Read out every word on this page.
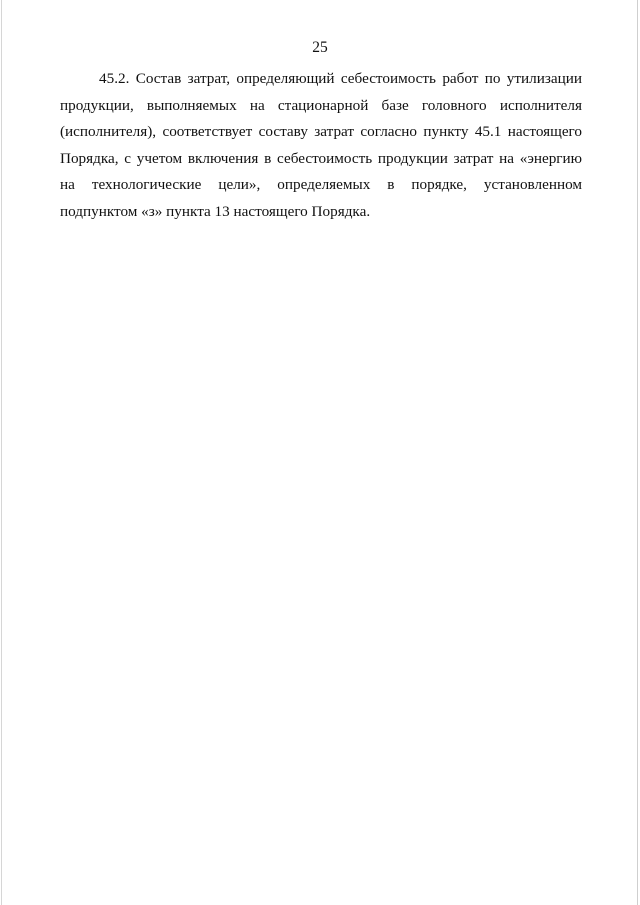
25

45.2. Состав затрат, определяющий себестоимость работ по утилизации продукции, выполняемых на стационарной базе головного исполнителя (исполнителя), соответствует составу затрат согласно пункту 45.1 настоящего Порядка, с учетом включения в себестоимость продукции затрат на «энергию на технологические цели», определяемых в порядке, установленном подпунктом «з» пункта 13 настоящего Порядка.
